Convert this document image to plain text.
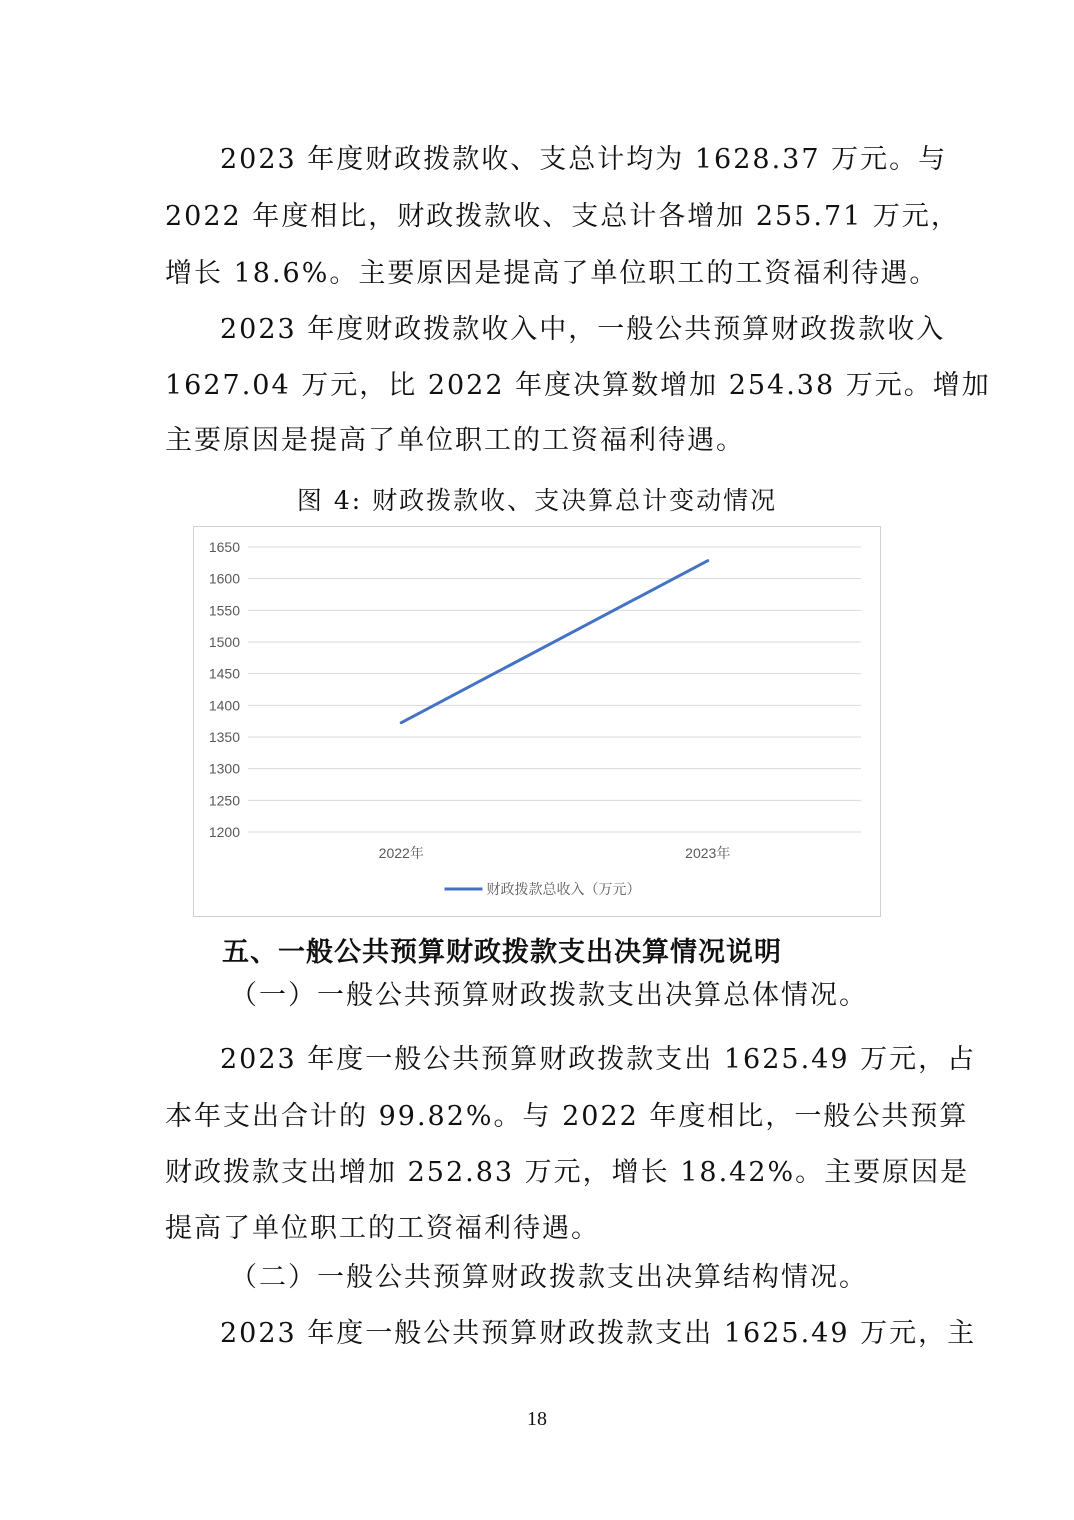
2023 年度财政拨款收、支总计均为 1628.37 万元。与
2022 年度相比，财政拨款收、支总计各增加 255.71 万元，
增长 18.6%。主要原因是提高了单位职工的工资福利待遇。
2023 年度财政拨款收入中，一般公共预算财政拨款收入
1627.04 万元，比 2022 年度决算数增加 254.38 万元。增加
主要原因是提高了单位职工的工资福利待遇。
图 4: 财政拨款收、支决算总计变动情况
1650
1600
1550
1500
1450
1400
1350
1300
1250
1200
2022年	2023年
财政拨款总收入（万元）
五、一般公共预算财政拨款支出决算情况说明
（一）一般公共预算财政拨款支出决算总体情况。
2023 年度一般公共预算财政拨款支出 1625.49 万元，占
本年支出合计的 99.82%。与 2022 年度相比，一般公共预算
财政拨款支出增加 252.83 万元，增长 18.42%。主要原因是
提高了单位职工的工资福利待遇。
（二）一般公共预算财政拨款支出决算结构情况。
2023 年度一般公共预算财政拨款支出 1625.49 万元，主
18
